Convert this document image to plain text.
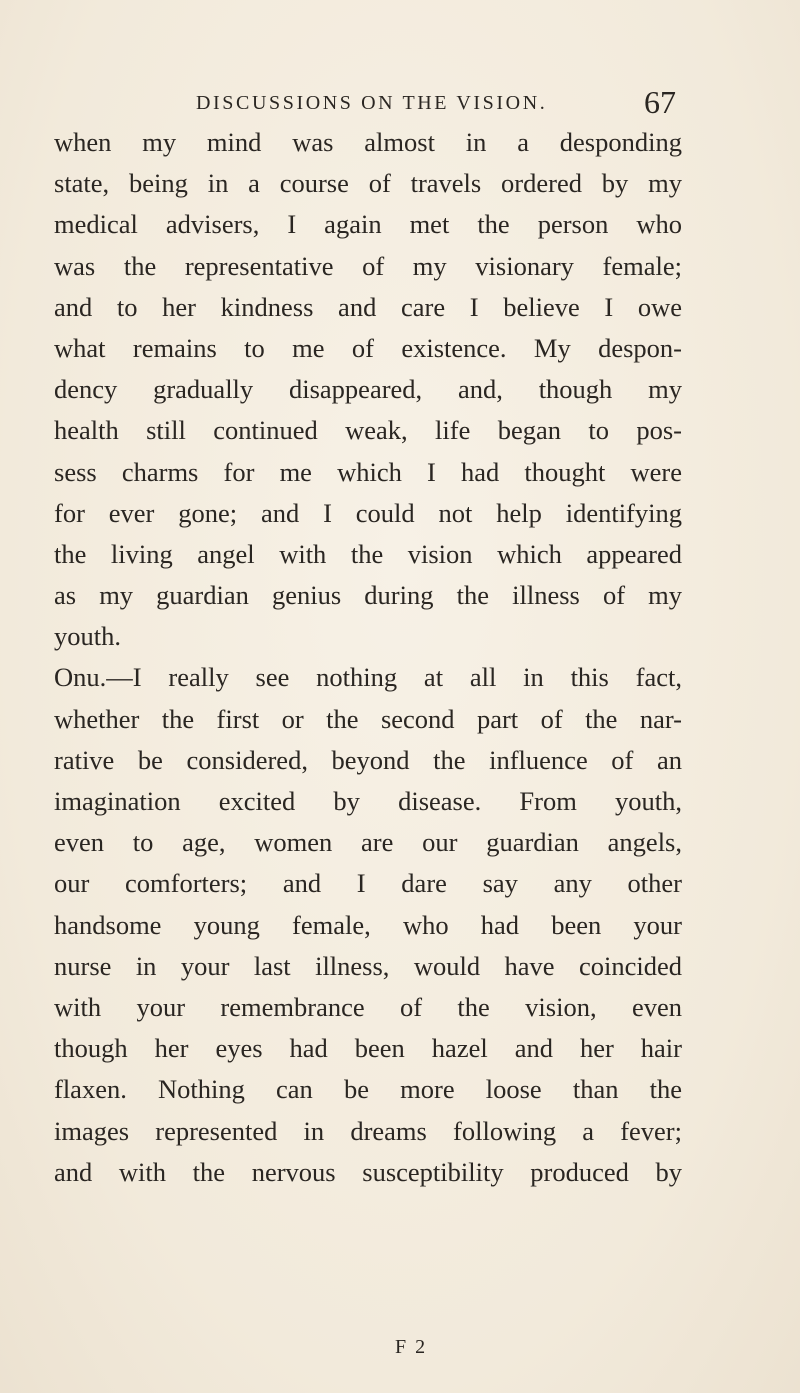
DISCUSSIONS ON THE VISION.	67
when my mind was almost in a desponding
state, being in a course of travels ordered by my
medical advisers, I again met the person who
was the representative of my visionary female;
and to her kindness and care I believe I owe
what remains to me of existence. My despon-
dency gradually disappeared, and, though my
health still continued weak, life began to pos-
sess charms for me which I had thought were
for ever gone; and I could not help identifying
the living angel with the vision which appeared
as my guardian genius during the illness of my
youth.
Onu.—I really see nothing at all in this fact,
whether the first or the second part of the nar-
rative be considered, beyond the influence of an
imagination excited by disease. From youth,
even to age, women are our guardian angels,
our comforters; and I dare say any other
handsome young female, who had been your
nurse in your last illness, would have coincided
with your remembrance of the vision, even
though her eyes had been hazel and her hair
flaxen. Nothing can be more loose than the
images represented in dreams following a fever;
and with the nervous susceptibility produced by
F 2
